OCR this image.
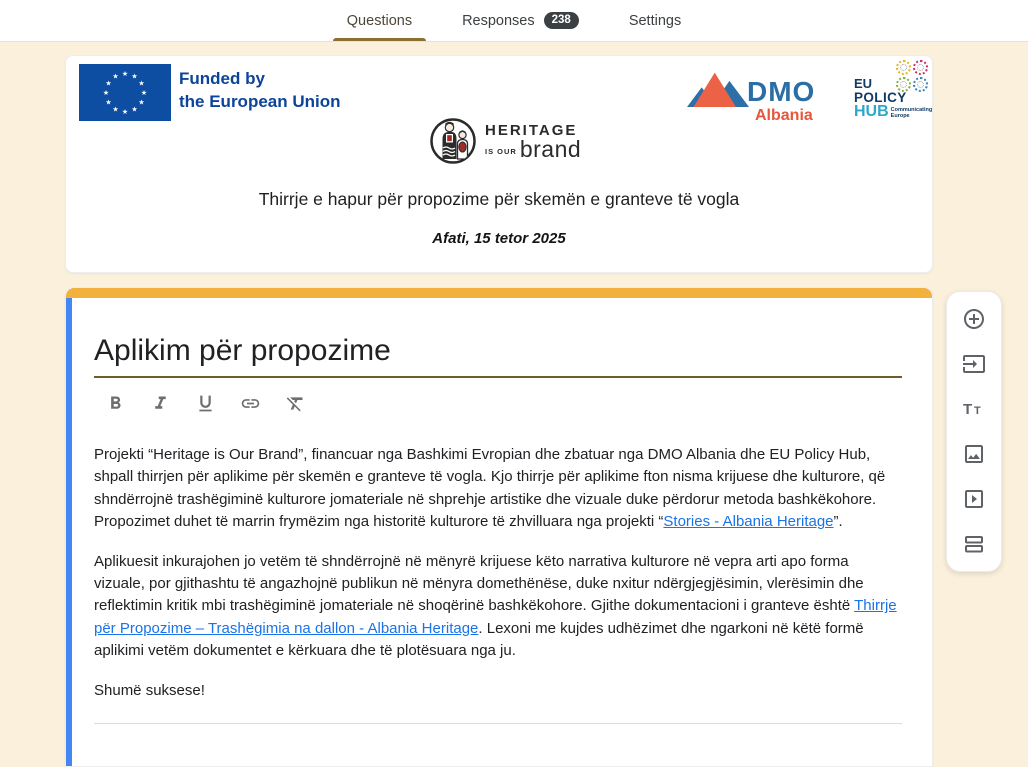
Questions	Responses	238	Settings
★ ★
★
★
★
★
★
★
★
★
★
★	Funded by
the European Union	DMO
Albania
EU
POLICY
HUB Communicating
Europe
HERITAGE
IS OUR brand
Thirrje e hapur për propozime për skemën e granteve të vogla
Afati, 15 tetor 2025
Aplikim për propozime
Projekti “Heritage is Our Brand”, financuar nga Bashkimi Evropian dhe zbatuar nga DMO Albania dhe EU Policy Hub, shpall thirrjen për aplikime për skemën e granteve të vogla. Kjo thirrje për aplikime fton nisma krijuese dhe kulturore, që shndërrojnë trashëgiminë kulturore jomateriale në shprehje artistike dhe vizuale duke përdorur metoda bashkëkohore. Propozimet duhet të marrin frymëzim nga historitë kulturore të zhvilluara nga projekti “Stories - Albania Heritage”.
Aplikuesit inkurajohen jo vetëm të shndërrojnë në mënyrë krijuese këto narrativa kulturore në vepra arti apo forma vizuale, por gjithashtu të angazhojnë publikun në mënyra domethënëse, duke nxitur ndërgjegjësimin, vlerësimin dhe reflektimin kritik mbi trashëgiminë jomateriale në shoqërinë bashkëkohore. Gjithe dokumentacioni i granteve është Thirrje për Propozime – Trashëgimia na dallon - Albania Heritage. Lexoni me kujdes udhëzimet dhe ngarkoni në këtë formë aplikimi vetëm dokumentet e kërkuara dhe të plotësuara nga ju.
Shumë suksese!
T T
